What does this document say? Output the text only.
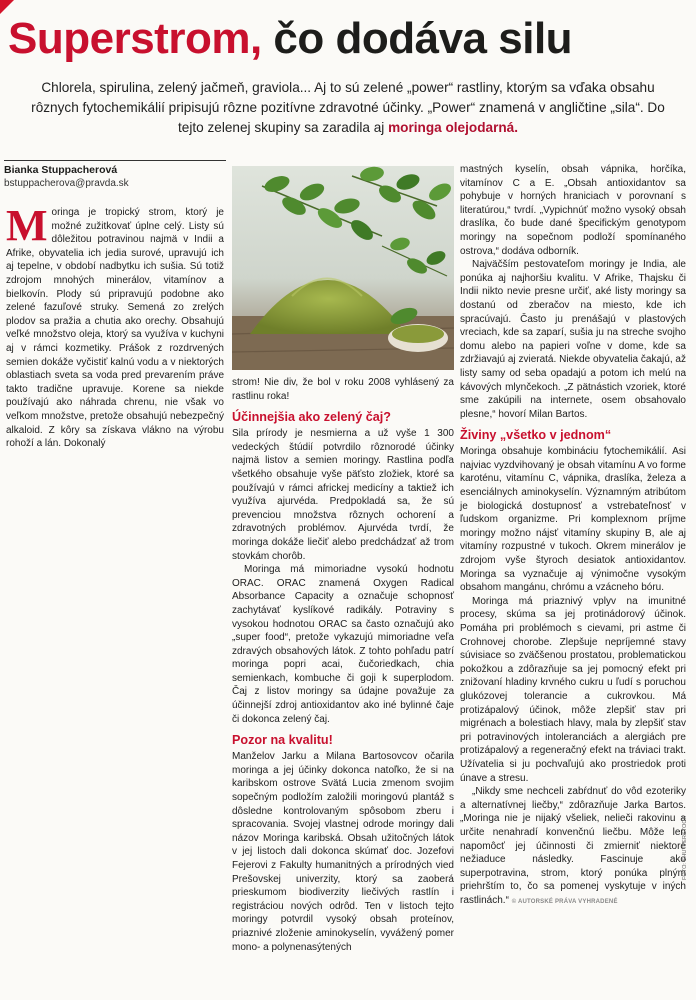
Superstrom, čo dodáva silu

Chlorela, spirulina, zelený jačmeň, graviola... Aj to sú zelené „power“ rastliny, ktorým sa vďaka obsahu rôznych fytochemikálií pripisujú rôzne pozitívne zdravotné účinky. „Power“ znamená v angličtine „sila“. Do tejto zelenej skupiny sa zaradila aj moringa olejodarná.

Bianka Stuppacherová
bstuppacherova@pravda.sk

Moringa je tropický strom, ktorý je možné zužitkovať úplne celý. Listy sú dôležitou potravinou najmä v Indii a Afrike, obyvatelia ich jedia surové, upravujú ich aj tepelne, v období nadbytku ich sušia. Sú totiž zdrojom mnohých minerálov, vitamínov a bielkovín. Plody sú pripravujú podobne ako zelené fazuľové struky. Semená zo zrelých plodov sa pražia a chutia ako orechy. Obsahujú veľké množstvo oleja, ktorý sa využíva v kuchyni aj v rámci kozmetiky. Prášok z rozdrvených semien dokáže vyčistiť kalnú vodu a v niektorých oblastiach sveta sa voda pred prevarením práve takto tradične upravuje. Korene sa niekde používajú ako náhrada chrenu, nie však vo veľkom množstve, pretože obsahujú nebezpečný alkaloid. Z kôry sa získava vlákno na výrobu rohoží a lán. Dokonalý

strom! Nie div, že bol v roku 2008 vyhlásený za rastlinu roka!

Účinnejšia ako zelený čaj?

Sila prírody je nesmierna a už vyše 1 300 vedeckých štúdií potvrdilo rôznorodé účinky najmä listov a semien moringy. Rastlina podľa všetkého obsahuje vyše päťsto zložiek, ktoré sa používajú v rámci africkej medicíny a taktiež ich využíva ajurvéda. Predpokladá sa, že sú prevenciou množstva rôznych ochorení a zdravotných problémov. Ajurvéda tvrdí, že moringa dokáže liečiť alebo predchádzať až trom stovkám chorôb.

Moringa má mimoriadne vysokú hodnotu ORAC. ORAC znamená Oxygen Radical Absorbance Capacity a označuje schopnosť zachytávať kyslíkové radikály. Potraviny s vysokou hodnotou ORAC sa často označujú ako „super food“, pretože vykazujú mimoriadne veľa zdravých obsahových látok. Z tohto pohľadu patrí moringa popri acai, čučoriedkach, chia semienkach, kombuche či goji k superplodom. Čaj z listov moringy sa údajne považuje za účinnejší zdroj antioxidantov ako iné bylinné čaje či dokonca zelený čaj.

Pozor na kvalitu!

Manželov Jarku a Milana Bartosovcov očarila moringa a jej účinky dokonca natoľko, že si na karibskom ostrove Svätá Lucia zmenom svojim sopečným podložím založili moringovú plantáž s dôsledne kontrolovaným spôsobom zberu i spracovania. Svojej vlastnej odrode moringy dali názov Moringa karibská. Obsah užitočných látok v jej listoch dali dokonca skúmať doc. Jozefovi Fejerovi z Fakulty humanitných a prírodných vied Prešovskej univerzity, ktorý sa zaoberá prieskumom biodiverzity liečivých rastlín i registráciou nových odrôd. Ten v listoch tejto moringy potvrdil vysoký obsah proteínov, priaznivé zloženie aminokyselín, vyvážený pomer mono- a polynenasýtených

mastných kyselín, obsah vápnika, horčíka, vitamínov C a E. „Obsah antioxidantov sa pohybuje v horných hraniciach v porovnaní s literatúrou,“ tvrdí. „Vypichnúť možno vysoký obsah draslíka, čo bude dané špecifickým genotypom moringy na sopečnom podloží spomínaného ostrova,“ dodáva odborník.

Najväčším pestovateľom moringy je India, ale ponúka aj najhoršiu kvalitu. V Afrike, Thajsku či Indii nikto nevie presne určiť, aké listy moringy sa dostanú od zberačov na miesto, kde ich spracúvajú. Často ju prenášajú v plastových vreciach, kde sa zaparí, sušia ju na streche svojho domu alebo na papieri voľne v dome, kde sa zdržiavajú aj zvieratá. Niekde obyvatelia čakajú, až listy samy od seba opadajú a potom ich melú na kávových mlynčekoch. „Z pätnástich vzoriek, ktoré sme zakúpili na internete, osem obsahovalo plesne,“ hovorí Milan Bartos.

Živiny „všetko v jednom“

Moringa obsahuje kombináciu fytochemikálií. Asi najviac vyzdvihovaný je obsah vitamínu A vo forme karoténu, vitamínu C, vápnika, draslíka, železa a esenciálnych aminokyselín. Významným atribútom je biologická dostupnosť a vstrebateľnosť v ľudskom organizme. Pri komplexnom príjme moringy možno nájsť vitamíny skupiny B, ale aj vitamíny rozpustné v tukoch. Okrem minerálov je zdrojom vyše štyroch desiatok antioxidantov. Moringa sa vyznačuje aj výnimočne vysokým obsahom mangánu, chrómu a vzácneho bóru.

Moringa má priaznivý vplyv na imunitné procesy, skúma sa jej protinádorový účinok. Pomáha pri problémoch s cievami, pri astme či Crohnovej chorobe. Zlepšuje nepríjemné stavy súvisiace so zväčšenou prostatou, problematickou pokožkou a zdôrazňuje sa jej pomocný efekt pri znižovaní hladiny krvného cukru u ľudí s poruchou glukózovej tolerancie a cukrovkou. Má protizápalový účinok, môže zlepšiť stav pri migrénach a bolestiach hlavy, mala by zlepšiť stav pri potravinových intoleranciách a alergiách pre protizápalový a regeneračný efekt na tráviaci trakt. Užívatelia si ju pochvaľujú ako prostriedok proti únave a stresu.

„Nikdy sme nechceli zabŕdnuť do vôd ezoteriky a alternatívnej liečby,“ zdôrazňuje Jarka Bartos. „Moringa nie je nijaký všeliek, nelieči rakovinu a určite nenahradí konvenčnú liečbu. Môže len napomôcť jej účinnosti či zmierniť niektoré nežiaduce následky. Fascinuje ako superpotravina, strom, ktorý ponúka plným priehrštím to, čo sa pomenej vyskytuje v iných rastlinách.“ © AUTORSKÉ PRÁVA VYHRADENÉ

FOTO: SHUTTERSTOCK
